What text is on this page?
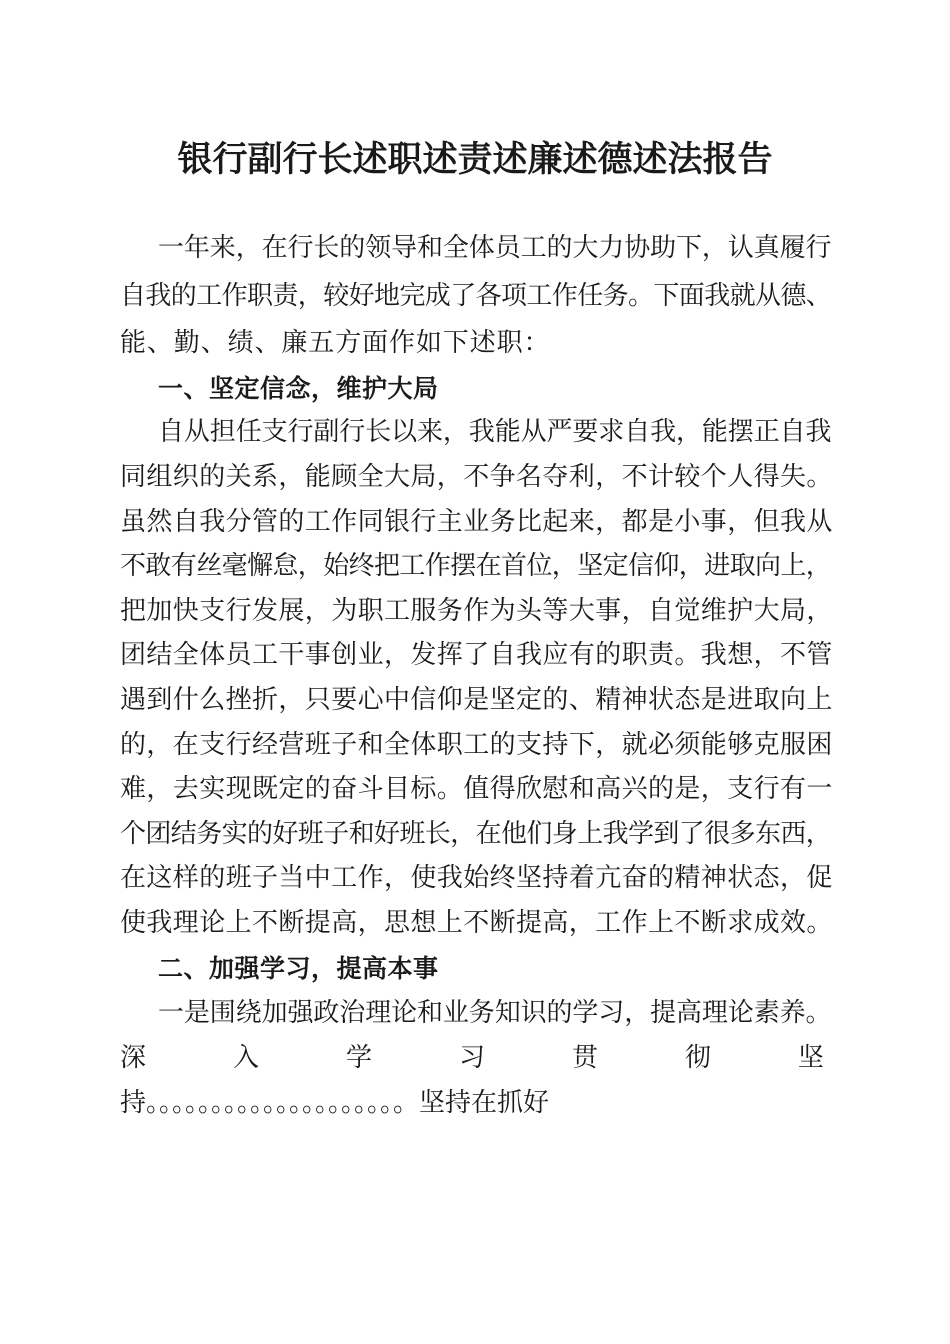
银行副行长述职述责述廉述德述法报告
一年来，在行长的领导和全体员工的大力协助下，认真履行
自我的工作职责，较好地完成了各项工作任务。下面我就从德、
能、勤、绩、廉五方面作如下述职：
一、坚定信念，维护大局
自从担任支行副行长以来，我能从严要求自我，能摆正自我
同组织的关系，能顾全大局，不争名夺利，不计较个人得失。
虽然自我分管的工作同银行主业务比起来，都是小事，但我从
不敢有丝毫懈怠，始终把工作摆在首位，坚定信仰，进取向上，
把加快支行发展，为职工服务作为头等大事，自觉维护大局，
团结全体员工干事创业，发挥了自我应有的职责。我想，不管
遇到什么挫折，只要心中信仰是坚定的、精神状态是进取向上
的，在支行经营班子和全体职工的支持下，就必须能够克服困
难，去实现既定的奋斗目标。值得欣慰和高兴的是，支行有一
个团结务实的好班子和好班长，在他们身上我学到了很多东西，
在这样的班子当中工作，使我始终坚持着亢奋的精神状态，促
使我理论上不断提高，思想上不断提高，工作上不断求成效。
二、加强学习，提高本事
一是围绕加强政治理论和业务知识的学习，提高理论素养。
深	入	学	习	贯	彻	坚
持。。。。。。。。。。。。。。。。。。。。坚持在抓好
